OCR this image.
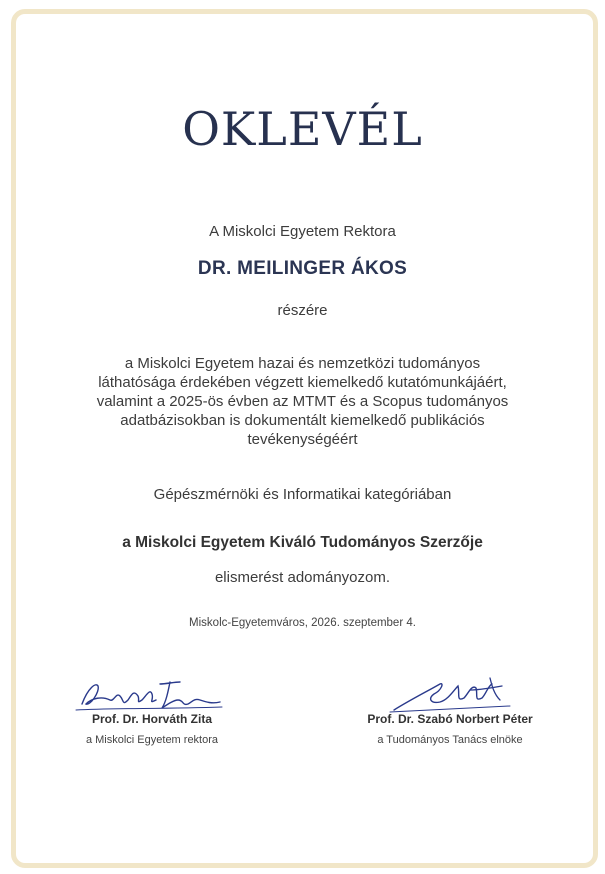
OKLEVÉL
A Miskolci Egyetem Rektora
DR. MEILINGER ÁKOS
részére
a Miskolci Egyetem hazai és nemzetközi tudományos
láthatósága érdekében végzett kiemelkedő kutatómunkájáért,
valamint a 2025-ös évben az MTMT és a Scopus tudományos
adatbázisokban is dokumentált kiemelkedő publikációs
tevékenységéért
Gépészmérnöki és Informatikai kategóriában
a Miskolci Egyetem Kiváló Tudományos Szerzője
elismerést adományozom.
Miskolc-Egyetemváros, 2026. szeptember 4.
Prof. Dr. Horváth Zita
a Miskolci Egyetem rektora
Prof. Dr. Szabó Norbert Péter
a Tudományos Tanács elnöke
